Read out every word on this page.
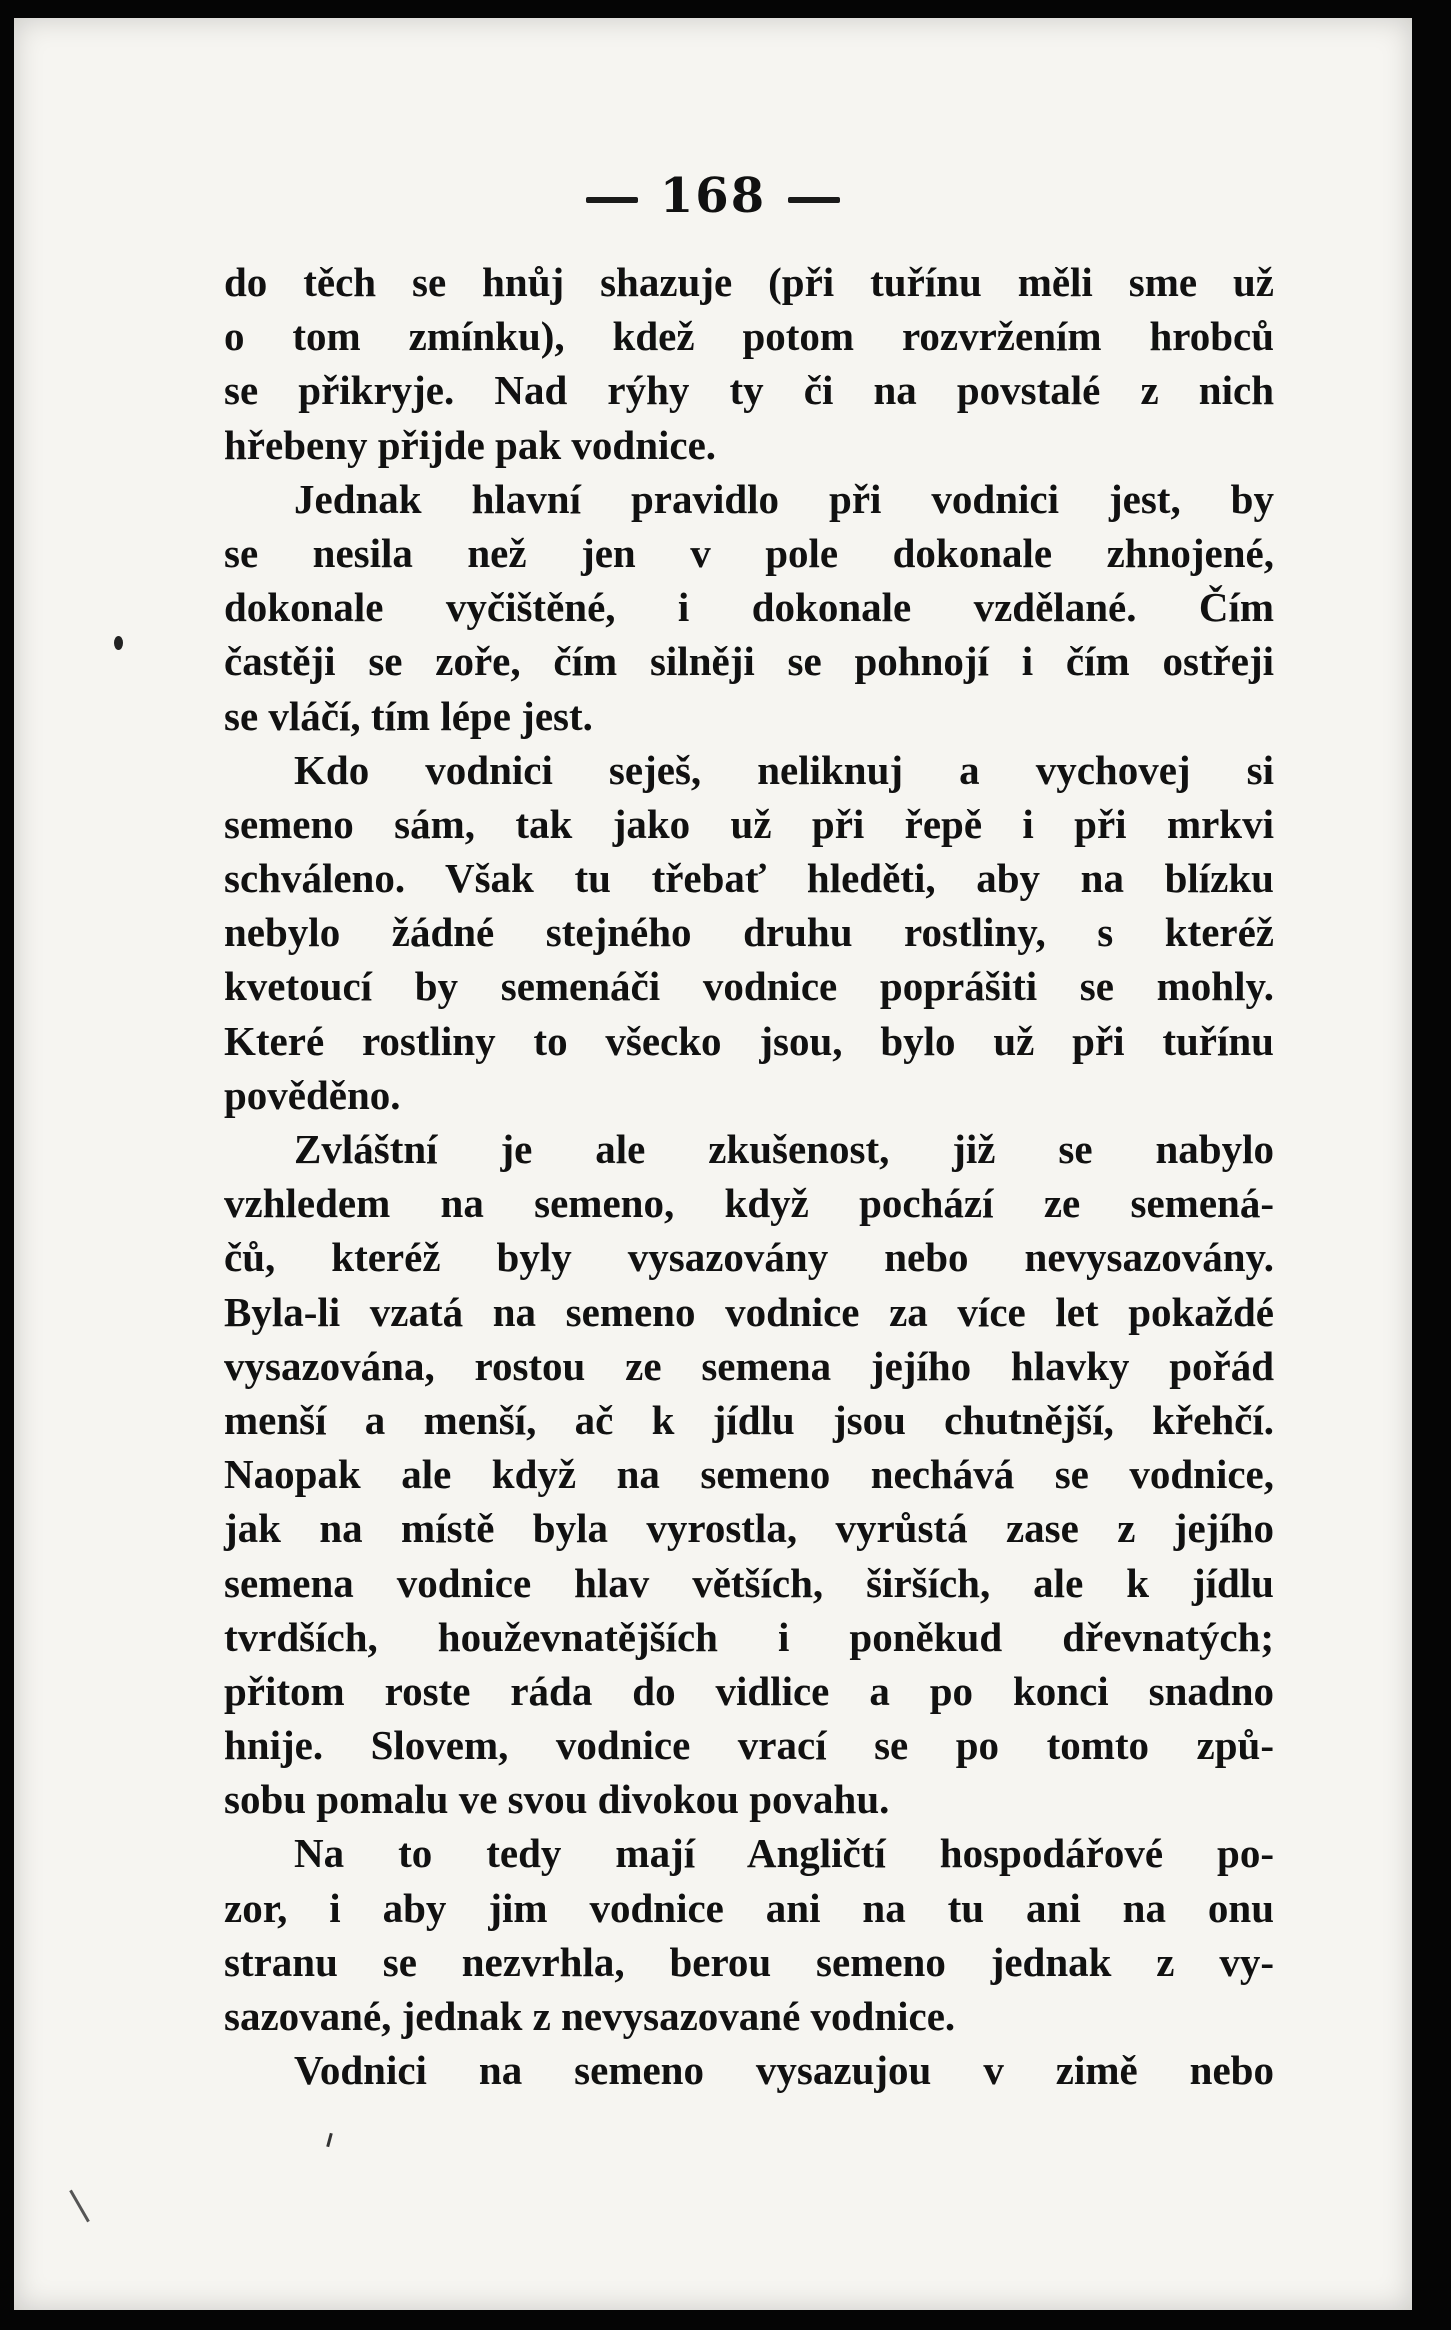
168
do těch se hnůj shazuje (při tuřínu měli sme už
o tom zmínku), kdež potom rozvržením hrobců
se přikryje. Nad rýhy ty či na povstalé z nich
hřebeny přijde pak vodnice.
Jednak hlavní pravidlo při vodnici jest, by
se nesila než jen v pole dokonale zhnojené,
dokonale vyčištěné, i dokonale vzdělané. Čím
častěji se zoře, čím silněji se pohnojí i čím ostřeji
se vláčí, tím lépe jest.
Kdo vodnici seješ, neliknuj a vychovej si
semeno sám, tak jako už při řepě i při mrkvi
schváleno. Však tu třebať hleděti, aby na blízku
nebylo žádné stejného druhu rostliny, s kteréž
kvetoucí by semenáči vodnice poprášiti se mohly.
Které rostliny to všecko jsou, bylo už při tuřínu
pověděno.
Zvláštní je ale zkušenost, již se nabylo
vzhledem na semeno, když pochází ze semená-
čů, kteréž byly vysazovány nebo nevysazovány.
Byla-li vzatá na semeno vodnice za více let pokaždé
vysazována, rostou ze semena jejího hlavky pořád
menší a menší, ač k jídlu jsou chutnější, křehčí.
Naopak ale když na semeno nechává se vodnice,
jak na místě byla vyrostla, vyrůstá zase z jejího
semena vodnice hlav větších, širších, ale k jídlu
tvrdších, houževnatějších i poněkud dřevnatých;
přitom roste ráda do vidlice a po konci snadno
hnije. Slovem, vodnice vrací se po tomto způ-
sobu pomalu ve svou divokou povahu.
Na to tedy mají Angličtí hospodářové po-
zor, i aby jim vodnice ani na tu ani na onu
stranu se nezvrhla, berou semeno jednak z vy-
sazované, jednak z nevysazované vodnice.
Vodnici na semeno vysazujou v zimě nebo
